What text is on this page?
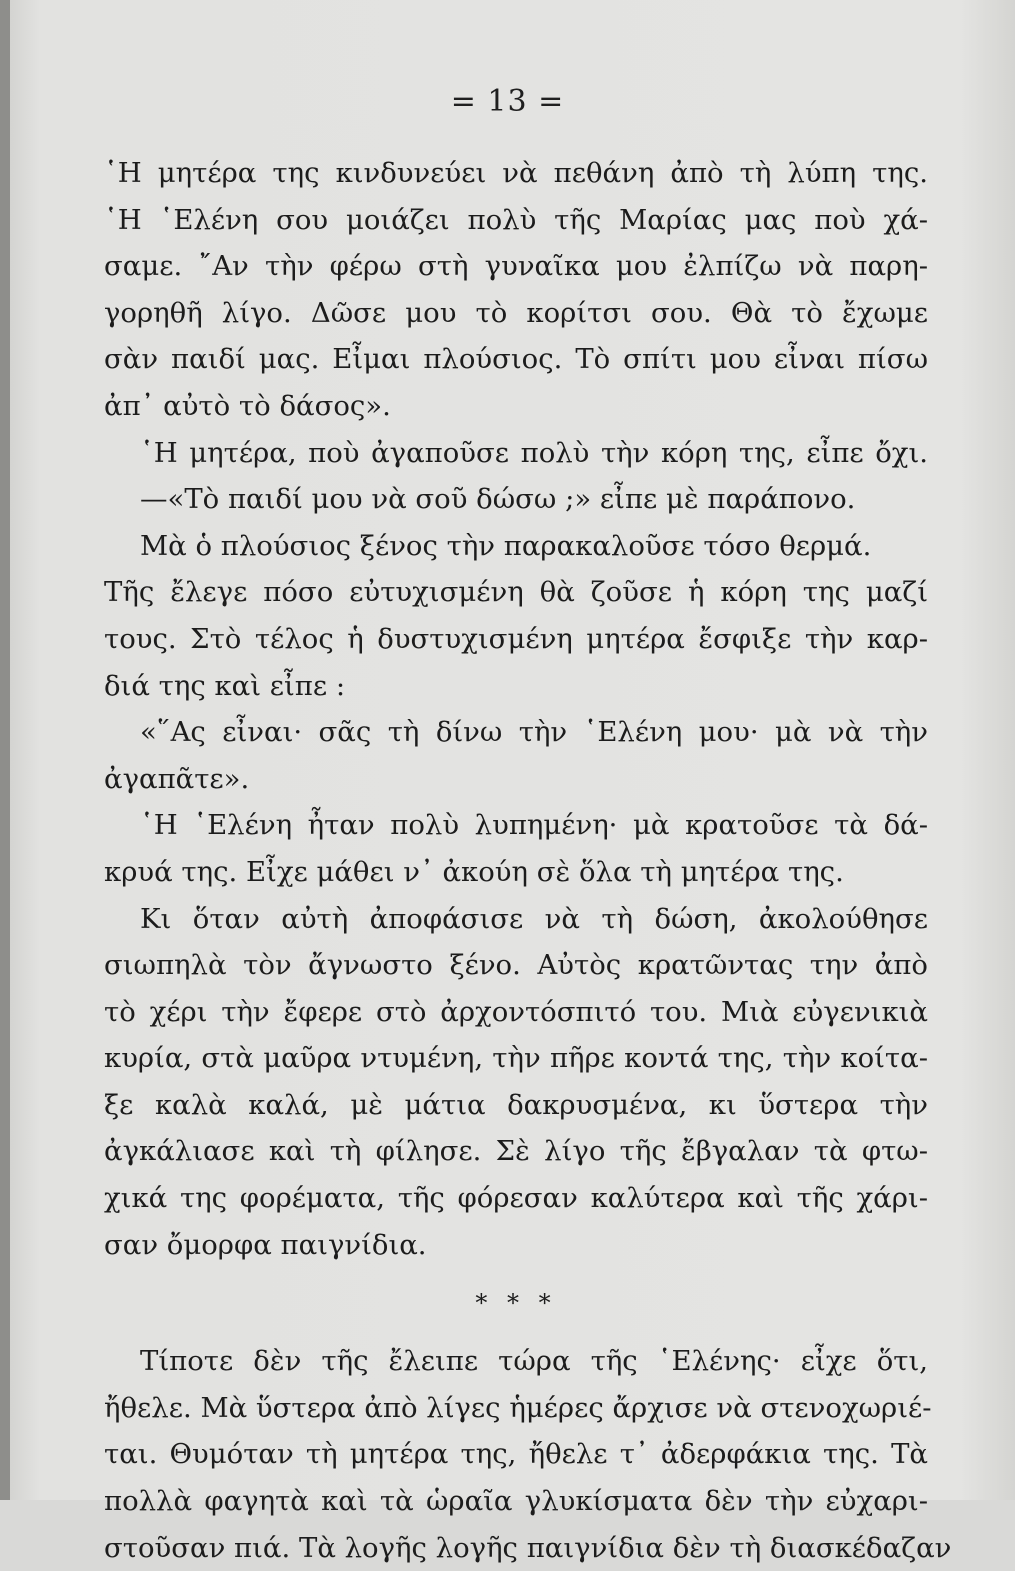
= 13 =
῾Η μητέρα της κινδυνεύει νὰ πεθάνη ἀπὸ τὴ λύπη της.
῾Η ῾Ελένη σου μοιάζει πολὺ τῆς Μαρίας μας ποὺ χά-
σαμε. ῎Αν τὴν φέρω στὴ γυναῖκα μου ἐλπίζω νὰ παρη-
γορηθῆ λίγο. Δῶσε μου τὸ κορίτσι σου. Θὰ τὸ ἔχωμε
σὰν παιδί μας. Εἶμαι πλούσιος. Τὸ σπίτι μου εἶναι πίσω
ἀπ᾽ αὐτὸ τὸ δάσος».
῾Η μητέρα, ποὺ ἀγαποῦσε πολὺ τὴν κόρη της, εἶπε ὄχι.
—«Τὸ παιδί μου νὰ σοῦ δώσω ;» εἶπε μὲ παράπονο.
Μὰ ὁ πλούσιος ξένος τὴν παρακαλοῦσε τόσο θερμά.
Τῆς ἔλεγε πόσο εὐτυχισμένη θὰ ζοῦσε ἡ κόρη της μαζί
τους. Στὸ τέλος ἡ δυστυχισμένη μητέρα ἔσφιξε τὴν καρ-
διά της καὶ εἶπε :
«῞Ας εἶναι· σᾶς τὴ δίνω τὴν ῾Ελένη μου· μὰ νὰ τὴν
ἀγαπᾶτε».
῾Η ῾Ελένη ἦταν πολὺ λυπημένη· μὰ κρατοῦσε τὰ δά-
κρυά της. Εἶχε μάθει ν᾽ ἀκούη σὲ ὅλα τὴ μητέρα της.
Κι ὅταν αὐτὴ ἀποφάσισε νὰ τὴ δώση, ἀκολούθησε
σιωπηλὰ τὸν ἄγνωστο ξένο. Αὐτὸς κρατῶντας την ἀπὸ
τὸ χέρι τὴν ἔφερε στὸ ἀρχοντόσπιτό του. Μιὰ εὐγενικιὰ
κυρία, στὰ μαῦρα ντυμένη, τὴν πῆρε κοντά της, τὴν κοίτα-
ξε καλὰ καλά, μὲ μάτια δακρυσμένα, κι ὕστερα τὴν
ἀγκάλιασε καὶ τὴ φίλησε. Σὲ λίγο τῆς ἔβγαλαν τὰ φτω-
χικά της φορέματα, τῆς φόρεσαν καλύτερα καὶ τῆς χάρι-
σαν ὄμορφα παιγνίδια.
* * *
Τίποτε δὲν τῆς ἔλειπε τώρα τῆς ῾Ελένης· εἶχε ὅτι,
ἤθελε. Μὰ ὕστερα ἀπὸ λίγες ἡμέρες ἄρχισε νὰ στενοχωριέ-
ται. Θυμόταν τὴ μητέρα της, ἤθελε τ᾽ ἀδερφάκια της. Τὰ
πολλὰ φαγητὰ καὶ τὰ ὡραῖα γλυκίσματα δὲν τὴν εὐχαρι-
στοῦσαν πιά. Τὰ λογῆς λογῆς παιγνίδια δὲν τὴ διασκέδαζαν
